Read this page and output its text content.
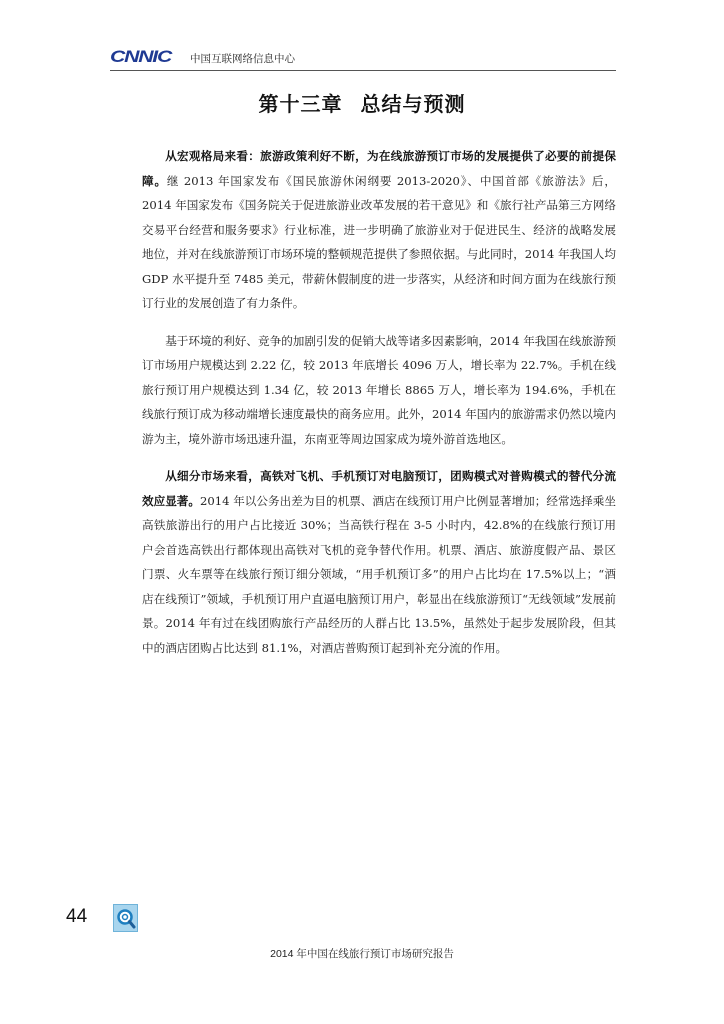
CNNIC 中国互联网络信息中心
第十三章 总结与预测

从宏观格局来看：旅游政策利好不断，为在线旅游预订市场的发展提供了必要的前提保障。继 2013 年国家发布《国民旅游休闲纲要 2013-2020》、中国首部《旅游法》后，2014 年国家发布《国务院关于促进旅游业改革发展的若干意见》和《旅行社产品第三方网络交易平台经营和服务要求》行业标准，进一步明确了旅游业对于促进民生、经济的战略发展地位，并对在线旅游预订市场环境的整顿规范提供了参照依据。与此同时，2014 年我国人均 GDP 水平提升至 7485 美元，带薪休假制度的进一步落实，从经济和时间方面为在线旅行预订行业的发展创造了有力条件。

基于环境的利好、竞争的加剧引发的促销大战等诸多因素影响，2014 年我国在线旅游预订市场用户规模达到 2.22 亿，较 2013 年底增长 4096 万人，增长率为 22.7%。手机在线旅行预订用户规模达到 1.34 亿，较 2013 年增长 8865 万人，增长率为 194.6%，手机在线旅行预订成为移动端增长速度最快的商务应用。此外，2014 年国内的旅游需求仍然以境内游为主，境外游市场迅速升温，东南亚等周边国家成为境外游首选地区。

从细分市场来看，高铁对飞机、手机预订对电脑预订，团购模式对普购模式的替代分流效应显著。2014 年以公务出差为目的机票、酒店在线预订用户比例显著增加；经常选择乘坐高铁旅游出行的用户占比接近 30%；当高铁行程在 3-5 小时内，42.8%的在线旅行预订用户会首选高铁出行都体现出高铁对飞机的竞争替代作用。机票、酒店、旅游度假产品、景区门票、火车票等在线旅行预订细分领域，“用手机预订多”的用户占比均在 17.5%以上；“酒店在线预订”领域，手机预订用户直逼电脑预订用户，彰显出在线旅游预订“无线领域”发展前景。2014 年有过在线团购旅行产品经历的人群占比 13.5%，虽然处于起步发展阶段，但其中的酒店团购占比达到 81.1%，对酒店普购预订起到补充分流的作用。

44
2014 年中国在线旅行预订市场研究报告
